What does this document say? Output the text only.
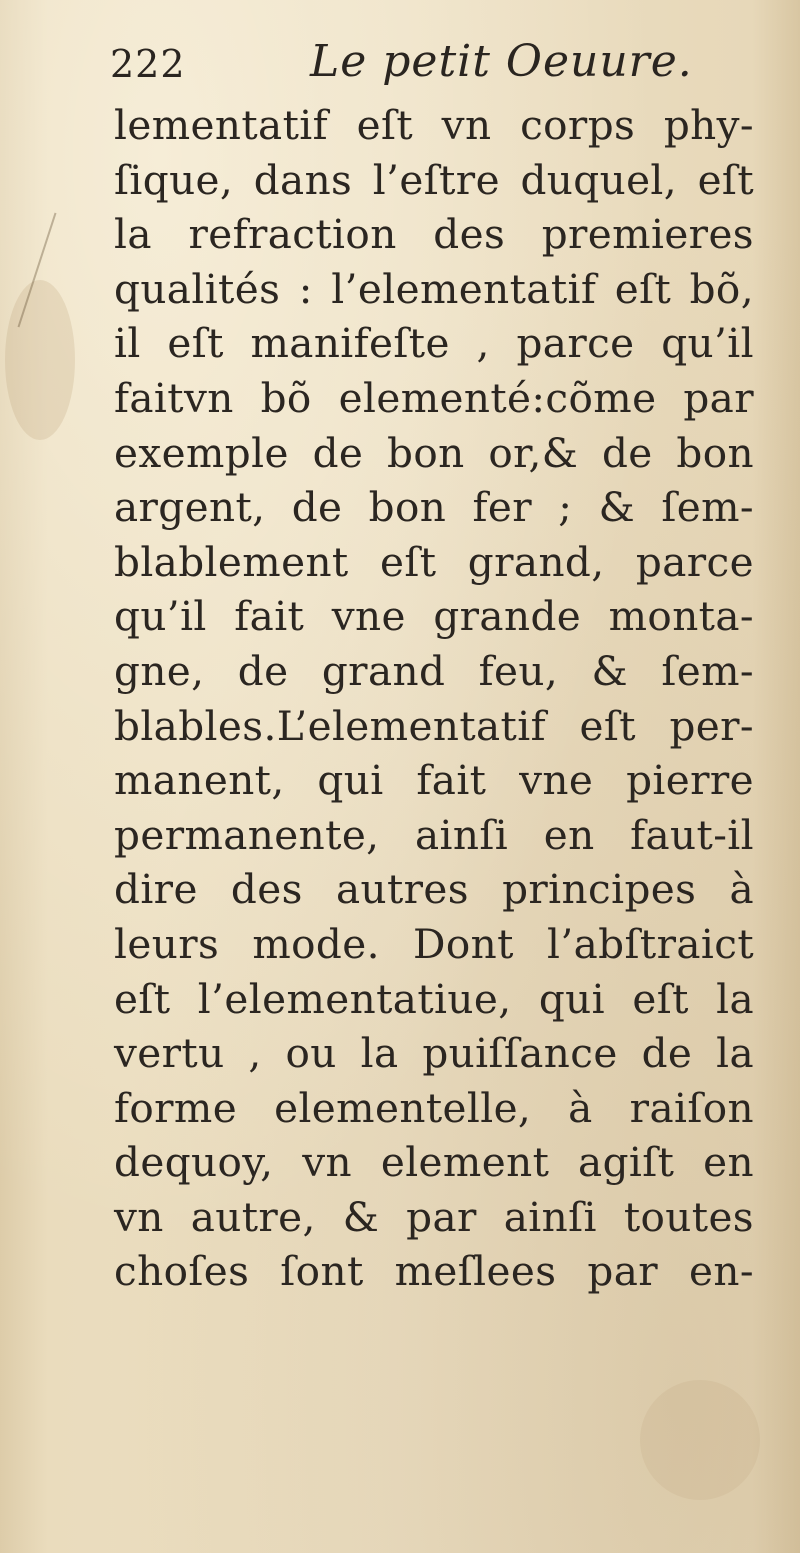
222	Le petit Oeuure.
lementatif eſt vn corps phy-
ſique, dans l’eſtre duquel, eſt
la refraction des premieres
qualités : l’elementatif eſt bõ,
il eſt manifeſte , parce qu’il
faitvn bõ elementé:cõme par
exemple de bon or,& de bon
argent, de bon fer ; & ſem-
blablement eſt grand, parce
qu’il fait vne grande monta-
gne, de grand feu, & ſem-
blables.L’elementatif eſt per-
manent, qui fait vne pierre
permanente, ainſi en faut-il
dire des autres principes à
leurs mode. Dont l’abſtraict
eſt l’elementatiue, qui eſt la
vertu , ou la puiſſance de la
forme elementelle, à raiſon
dequoy, vn element agiſt en
vn autre, & par ainſi toutes
choſes ſont meſlees par en-
